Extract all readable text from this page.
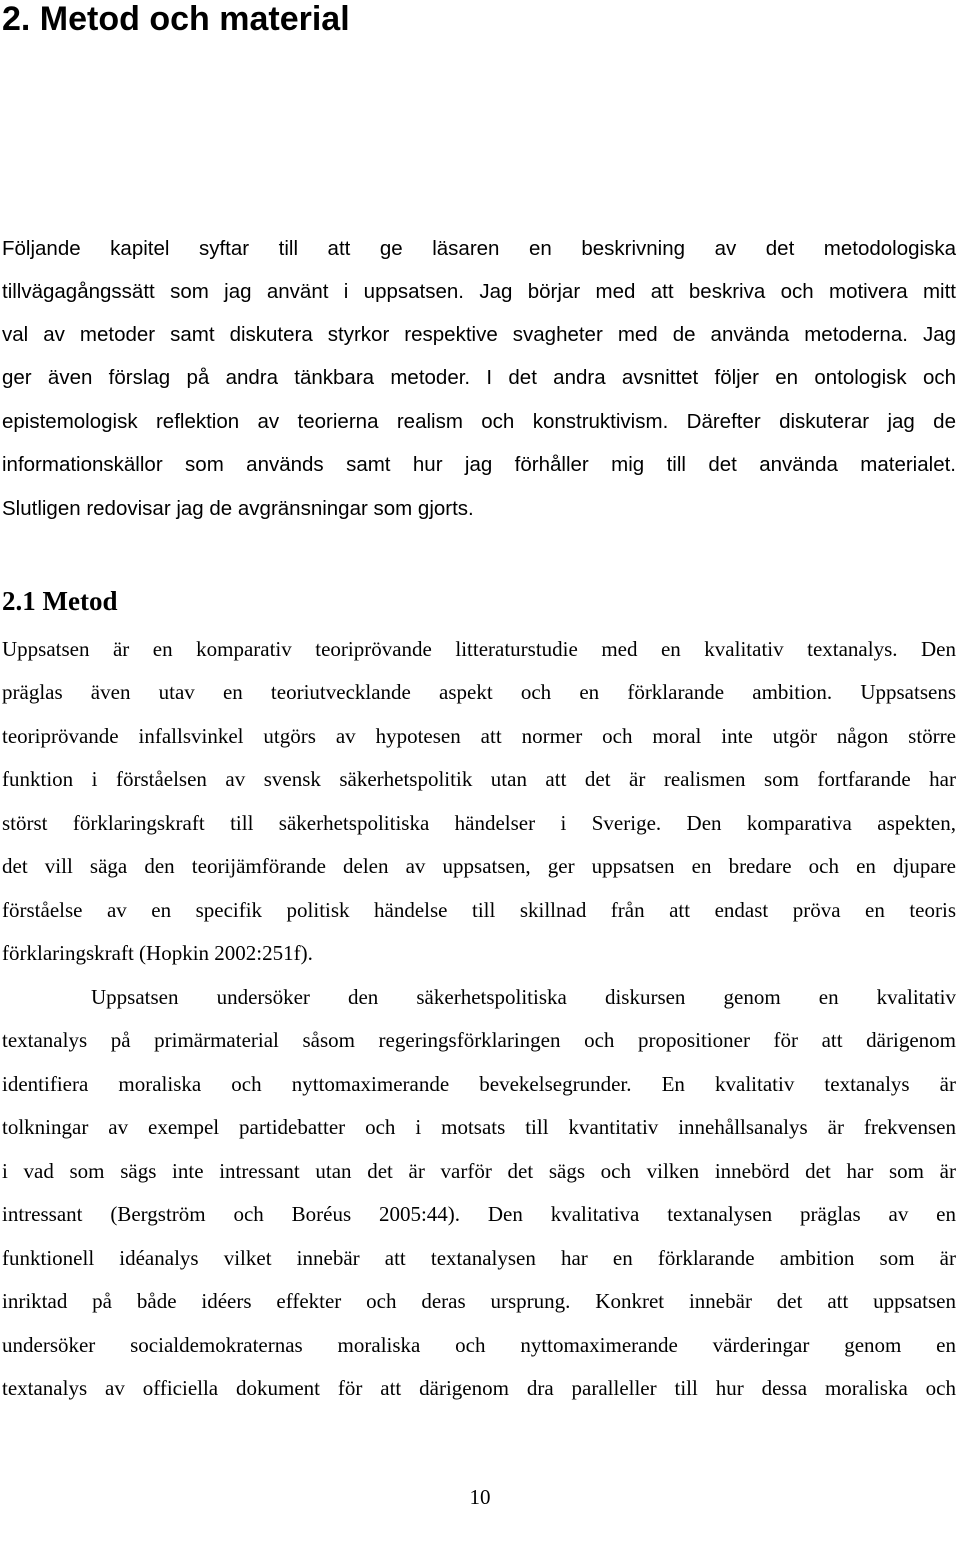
2. Metod och material
Följande kapitel syftar till att ge läsaren en beskrivning av det metodologiska
tillvägagångssätt som jag använt i uppsatsen. Jag börjar med att beskriva och motivera mitt
val av metoder samt diskutera styrkor respektive svagheter med de använda metoderna. Jag
ger även förslag på andra tänkbara metoder. I det andra avsnittet följer en ontologisk och
epistemologisk reflektion av teorierna realism och konstruktivism. Därefter diskuterar jag de
informationskällor som används samt hur jag förhåller mig till det använda materialet.
Slutligen redovisar jag de avgränsningar som gjorts.
2.1 Metod
Uppsatsen är en komparativ teoriprövande litteraturstudie med en kvalitativ textanalys. Den
präglas även utav en teoriutvecklande aspekt och en förklarande ambition. Uppsatsens
teoriprövande infallsvinkel utgörs av hypotesen att normer och moral inte utgör någon större
funktion i förståelsen av svensk säkerhetspolitik utan att det är realismen som fortfarande har
störst förklaringskraft till säkerhetspolitiska händelser i Sverige. Den komparativa aspekten,
det vill säga den teorijämförande delen av uppsatsen, ger uppsatsen en bredare och en djupare
förståelse av en specifik politisk händelse till skillnad från att endast pröva en teoris
förklaringskraft (Hopkin 2002:251f).
Uppsatsen undersöker den säkerhetspolitiska diskursen genom en kvalitativ
textanalys på primärmaterial såsom regeringsförklaringen och propositioner för att därigenom
identifiera moraliska och nyttomaximerande bevekelsegrunder. En kvalitativ textanalys är
tolkningar av exempel partidebatter och i motsats till kvantitativ innehållsanalys är frekvensen
i vad som sägs inte intressant utan det är varför det sägs och vilken innebörd det har som är
intressant (Bergström och Boréus 2005:44). Den kvalitativa textanalysen präglas av en
funktionell idéanalys vilket innebär att textanalysen har en förklarande ambition som är
inriktad på både idéers effekter och deras ursprung. Konkret innebär det att uppsatsen
undersöker socialdemokraternas moraliska och nyttomaximerande värderingar genom en
textanalys av officiella dokument för att därigenom dra paralleller till hur dessa moraliska och
10
